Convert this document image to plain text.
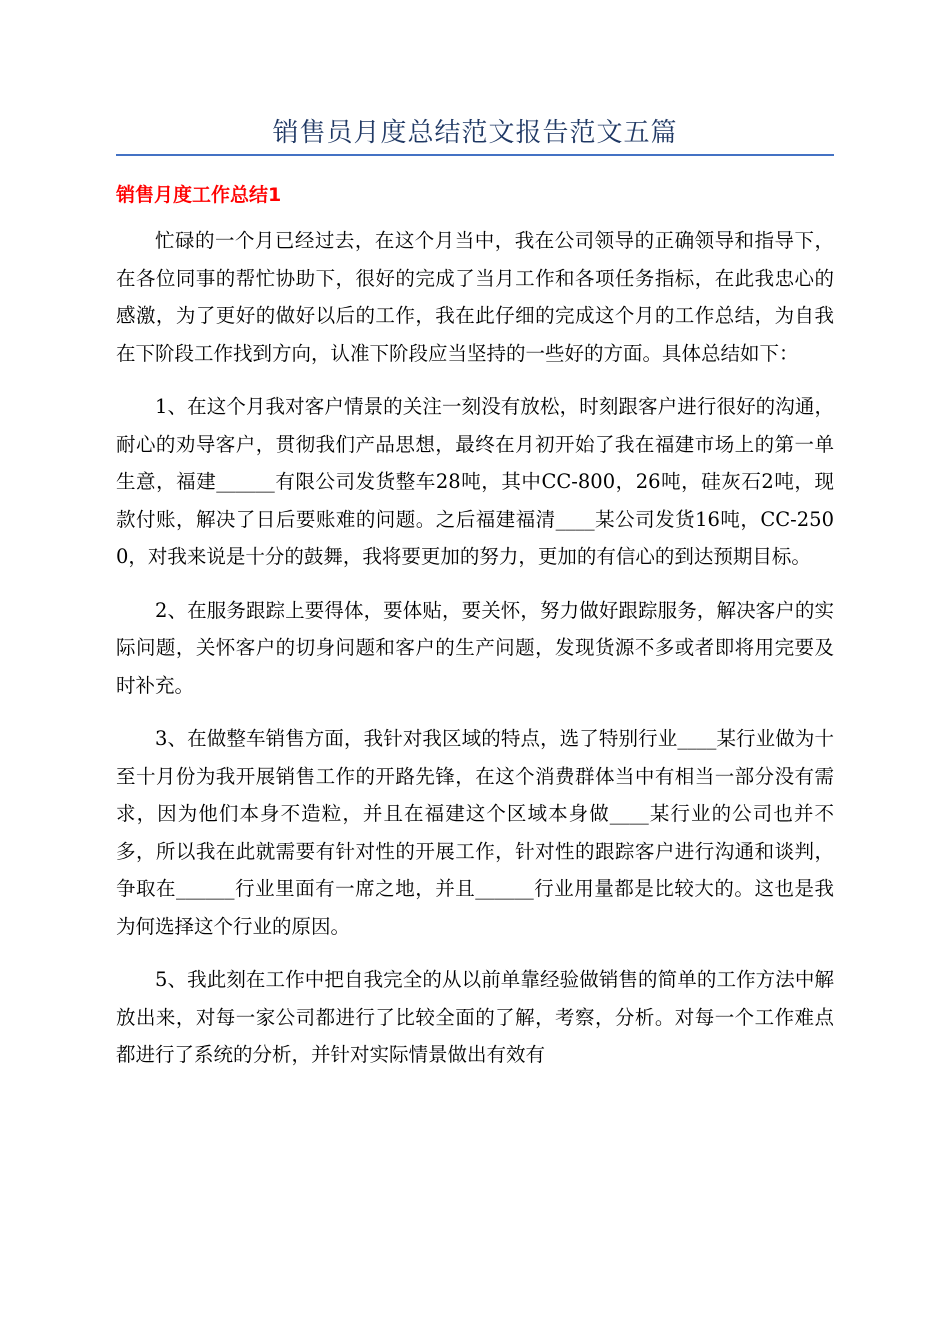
销售员月度总结范文报告范文五篇
销售月度工作总结1

忙碌的一个月已经过去，在这个月当中，我在公司领导的正确领导和指导下，在各位同事的帮忙协助下，很好的完成了当月工作和各项任务指标，在此我忠心的感激，为了更好的做好以后的工作，我在此仔细的完成这个月的工作总结，为自我在下阶段工作找到方向，认准下阶段应当坚持的一些好的方面。具体总结如下：

1、在这个月我对客户情景的关注一刻没有放松，时刻跟客户进行很好的沟通，耐心的劝导客户，贯彻我们产品思想，最终在月初开始了我在福建市场上的第一单生意，福建______有限公司发货整车28吨，其中CC-800，26吨，硅灰石2吨，现款付账，解决了日后要账难的问题。之后福建福清____某公司发货16吨，CC-2500，对我来说是十分的鼓舞，我将要更加的努力，更加的有信心的到达预期目标。

2、在服务跟踪上要得体，要体贴，要关怀，努力做好跟踪服务，解决客户的实际问题，关怀客户的切身问题和客户的生产问题，发现货源不多或者即将用完要及时补充。

3、在做整车销售方面，我针对我区域的特点，选了特别行业____某行业做为十至十月份为我开展销售工作的开路先锋，在这个消费群体当中有相当一部分没有需求，因为他们本身不造粒，并且在福建这个区域本身做____某行业的公司也并不多，所以我在此就需要有针对性的开展工作，针对性的跟踪客户进行沟通和谈判，争取在______行业里面有一席之地，并且______行业用量都是比较大的。这也是我为何选择这个行业的原因。

5、我此刻在工作中把自我完全的从以前单靠经验做销售的简单的工作方法中解放出来，对每一家公司都进行了比较全面的了解，考察，分析。对每一个工作难点都进行了系统的分析，并针对实际情景做出有效有
